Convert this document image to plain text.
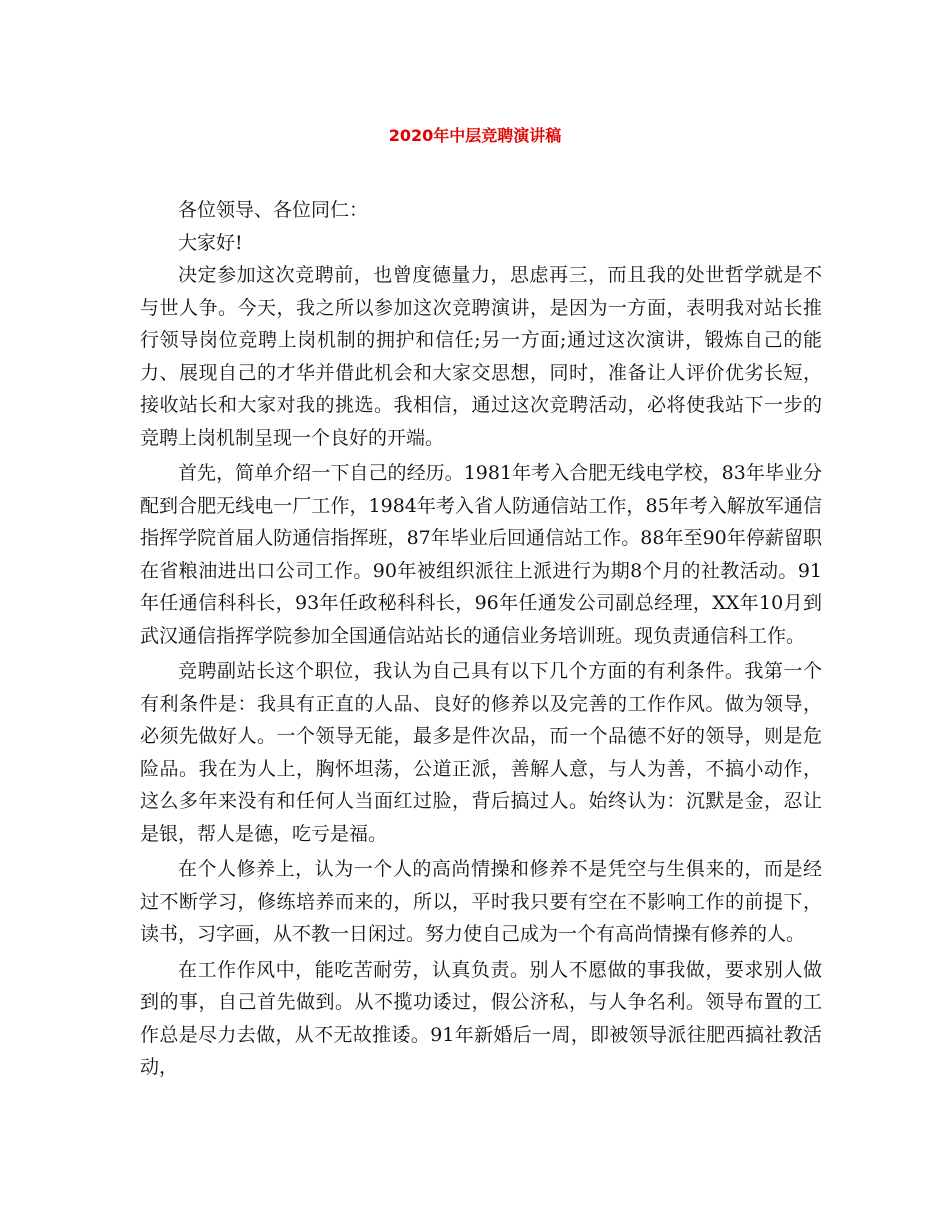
2020年中层竞聘演讲稿

各位领导、各位同仁：

大家好!

决定参加这次竞聘前，也曾度德量力，思虑再三，而且我的处世哲学就是不与世人争。今天，我之所以参加这次竞聘演讲，是因为一方面，表明我对站长推行领导岗位竞聘上岗机制的拥护和信任;另一方面;通过这次演讲，锻炼自己的能力、展现自己的才华并借此机会和大家交思想，同时，准备让人评价优劣长短，接收站长和大家对我的挑选。我相信，通过这次竞聘活动，必将使我站下一步的竞聘上岗机制呈现一个良好的开端。

首先，简单介绍一下自己的经历。1981年考入合肥无线电学校，83年毕业分配到合肥无线电一厂工作，1984年考入省人防通信站工作，85年考入解放军通信指挥学院首届人防通信指挥班，87年毕业后回通信站工作。88年至90年停薪留职在省粮油进出口公司工作。90年被组织派往上派进行为期8个月的社教活动。91年任通信科科长，93年任政秘科科长，96年任通发公司副总经理，XX年10月到武汉通信指挥学院参加全国通信站站长的通信业务培训班。现负责通信科工作。

竞聘副站长这个职位，我认为自己具有以下几个方面的有利条件。我第一个有利条件是：我具有正直的人品、良好的修养以及完善的工作作风。做为领导，必须先做好人。一个领导无能，最多是件次品，而一个品德不好的领导，则是危险品。我在为人上，胸怀坦荡，公道正派，善解人意，与人为善，不搞小动作，这么多年来没有和任何人当面红过脸，背后搞过人。始终认为：沉默是金，忍让是银，帮人是德，吃亏是福。

在个人修养上，认为一个人的高尚情操和修养不是凭空与生俱来的，而是经过不断学习，修练培养而来的，所以，平时我只要有空在不影响工作的前提下，读书，习字画，从不教一日闲过。努力使自己成为一个有高尚情操有修养的人。

在工作作风中，能吃苦耐劳，认真负责。别人不愿做的事我做，要求别人做到的事，自己首先做到。从不揽功诿过，假公济私，与人争名利。领导布置的工作总是尽力去做，从不无故推诿。91年新婚后一周，即被领导派往肥西搞社教活动，
